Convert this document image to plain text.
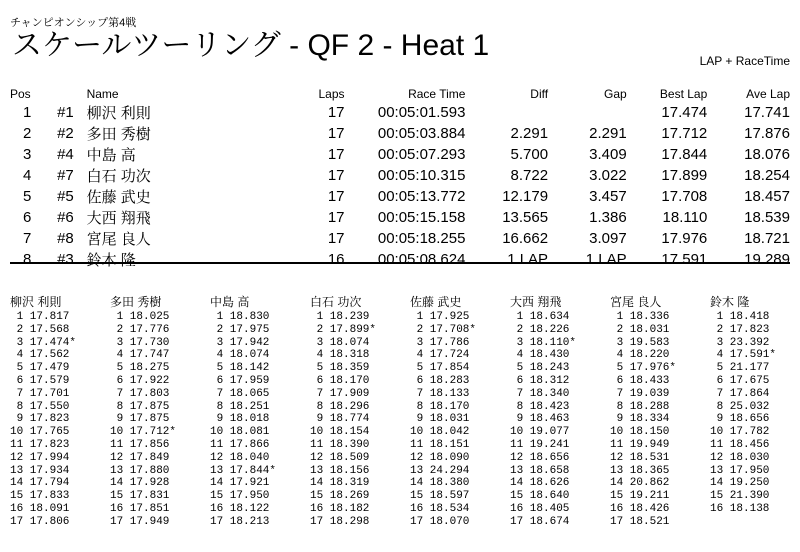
チャンピオンシップ第4戦
スケールツーリング - QF 2 - Heat 1	LAP + RaceTime
Pos		Name	Laps	Race Time	Diff	Gap	Best Lap	Ave Lap
1	#1	柳沢 利則	17	00:05:01.593			17.474	17.741
2	#2	多田 秀樹	17	00:05:03.884	2.291	2.291	17.712	17.876
3	#4	中島 高	17	00:05:07.293	5.700	3.409	17.844	18.076
4	#7	白石 功次	17	00:05:10.315	8.722	3.022	17.899	18.254
5	#5	佐藤 武史	17	00:05:13.772	12.179	3.457	17.708	18.457
6	#6	大西 翔飛	17	00:05:15.158	13.565	1.386	18.110	18.539
7	#8	宮尾 良人	17	00:05:18.255	16.662	3.097	17.976	18.721
8	#3	鈴木 隆	16	00:05:08.624	1 LAP	1 LAP	17.591	19.289
柳沢 利則
1 17.817
2 17.568
3 17.474*
4 17.562
5 17.479
6 17.579
7 17.701
8 17.550
9 17.823
10 17.765
11 17.823
12 17.994
13 17.934
14 17.794
15 17.833
16 18.091
17 17.806
多田 秀樹
1 18.025
2 17.776
3 17.730
4 17.747
5 18.275
6 17.922
7 17.803
8 17.875
9 17.875
10 17.712*
11 17.856
12 17.849
13 17.880
14 17.928
15 17.831
16 17.851
17 17.949
中島 高
1 18.830
2 17.975
3 17.942
4 18.074
5 18.142
6 17.959
7 18.065
8 18.251
9 18.018
10 18.081
11 17.866
12 18.040
13 17.844*
14 17.921
15 17.950
16 18.122
17 18.213
白石 功次
1 18.239
2 17.899*
3 18.074
4 18.318
5 18.359
6 18.170
7 17.909
8 18.296
9 18.774
10 18.154
11 18.390
12 18.509
13 18.156
14 18.319
15 18.269
16 18.182
17 18.298
佐藤 武史
1 17.925
2 17.708*
3 17.786
4 17.724
5 17.854
6 18.283
7 18.133
8 18.170
9 18.031
10 18.042
11 18.151
12 18.090
13 24.294
14 18.380
15 18.597
16 18.534
17 18.070
大西 翔飛
1 18.634
2 18.226
3 18.110*
4 18.430
5 18.243
6 18.312
7 18.340
8 18.423
9 18.463
10 19.077
11 19.241
12 18.656
13 18.658
14 18.626
15 18.640
16 18.405
17 18.674
宮尾 良人
1 18.336
2 18.031
3 19.583
4 18.220
5 17.976*
6 18.433
7 19.039
8 18.288
9 18.334
10 18.150
11 19.949
12 18.531
13 18.365
14 20.862
15 19.211
16 18.426
17 18.521
鈴木 隆
1 18.418
2 17.823
3 23.392
4 17.591*
5 21.177
6 17.675
7 17.864
8 25.032
9 18.656
10 17.782
11 18.456
12 18.030
13 17.950
14 19.250
15 21.390
16 18.138
